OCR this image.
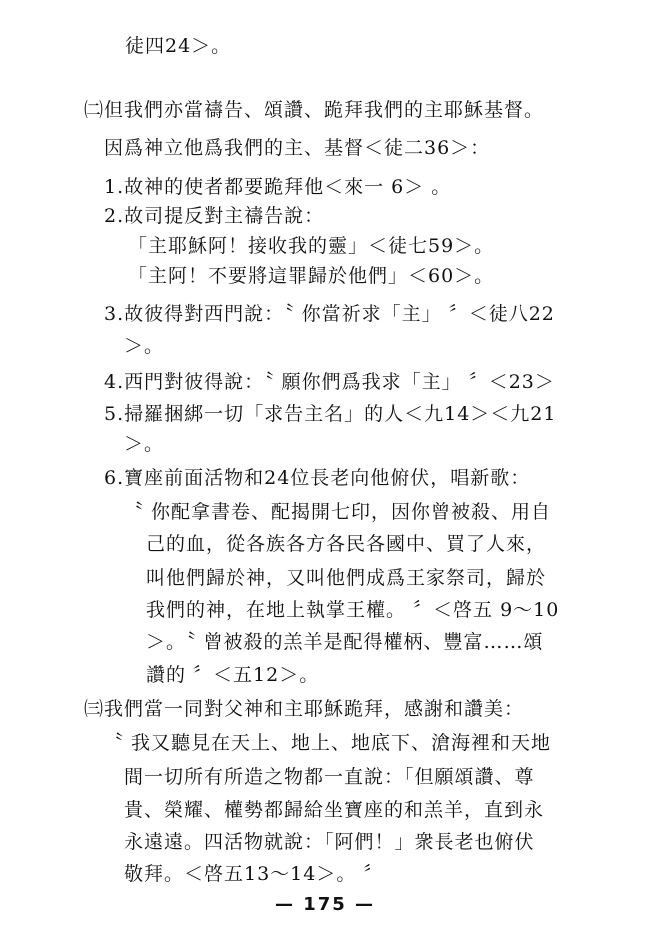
徒四24＞。
㈡但我們亦當禱告、頌讚、跪拜我們的主耶穌基督。
因爲神立他爲我們的主、基督＜徒二36＞：
1.故神的使者都要跪拜他＜來一 6＞ 。
2.故司提反對主禱告說：
「主耶穌阿！接收我的靈」＜徒七59＞。
「主阿！不要將這罪歸於他們」＜60＞。
3.故彼得對西門說：〝 你當祈求「主」 〞＜徒八22
＞。
4.西門對彼得說：〝 願你們爲我求「主」 〞＜23＞
5.掃羅捆綁一切「求告主名」的人＜九14＞＜九21
＞。
6.寶座前面活物和24位長老向他俯伏，唱新歌：
〝 你配拿書卷、配揭開七印，因你曾被殺、用自
己的血，從各族各方各民各國中、買了人來，
叫他們歸於神，又叫他們成爲王家祭司，歸於
我們的神，在地上執掌王權。 〞＜啓五 9～10
＞。〝 曾被殺的羔羊是配得權柄、豐富……頌
讚的 〞＜五12＞。
㈢我們當一同對父神和主耶穌跪拜，感謝和讚美：
〝 我又聽見在天上、地上、地底下、滄海裡和天地
間一切所有所造之物都一直說：「但願頌讚、尊
貴、榮耀、權勢都歸給坐寶座的和羔羊，直到永
永遠遠。四活物就說：「阿們！」衆長老也俯伏
敬拜。＜啓五13～14＞。 〞
— 175 —
